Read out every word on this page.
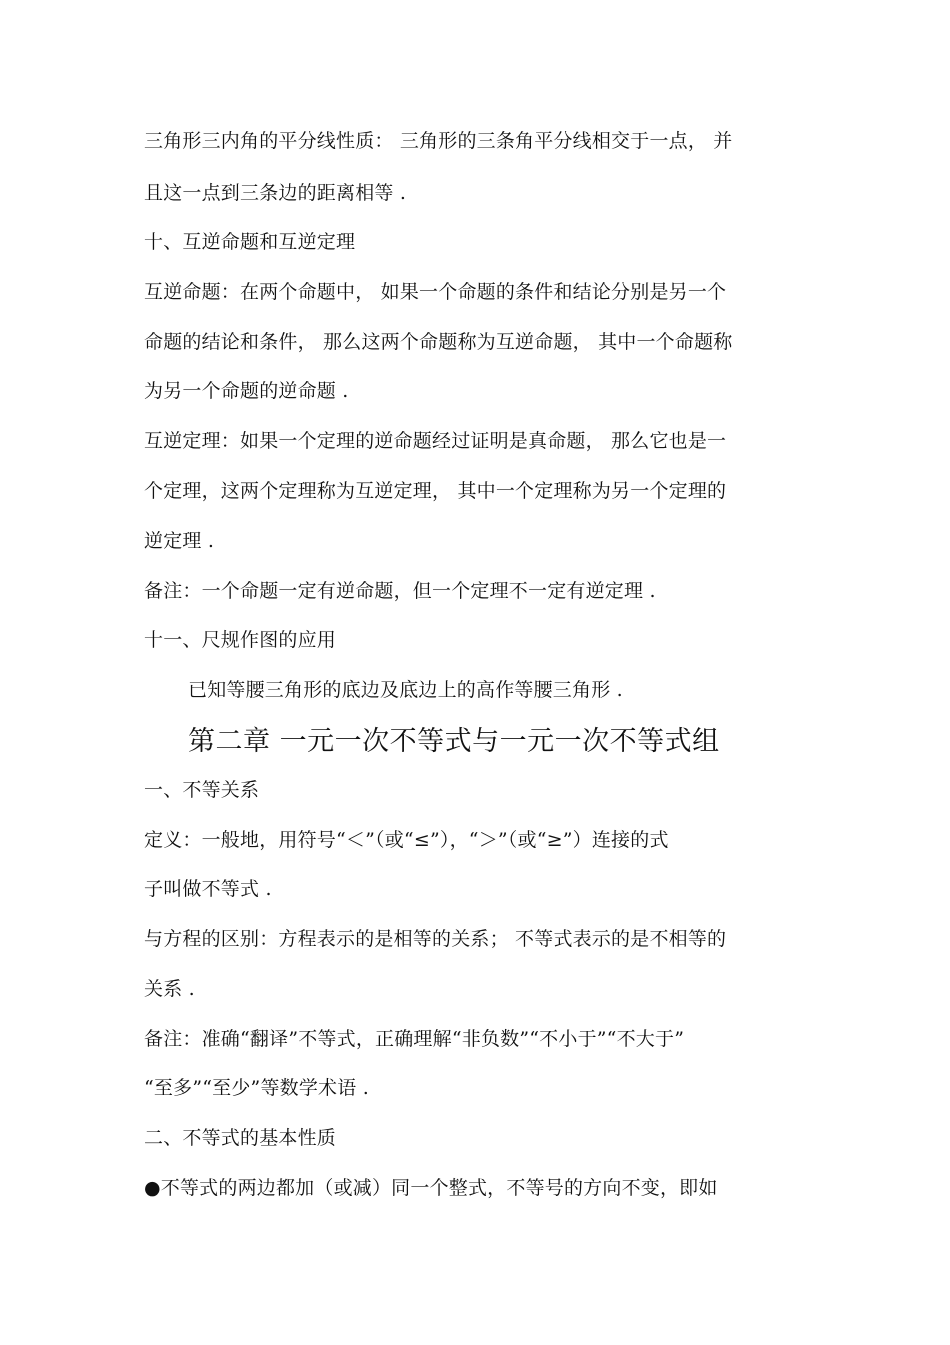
三角形三内角的平分线性质： 三角形的三条角平分线相交于一点， 并
且这一点到三条边的距离相等 .
十、互逆命题和互逆定理
互逆命题：在两个命题中， 如果一个命题的条件和结论分别是另一个
命题的结论和条件， 那么这两个命题称为互逆命题， 其中一个命题称
为另一个命题的逆命题 .
互逆定理：如果一个定理的逆命题经过证明是真命题， 那么它也是一
个定理，这两个定理称为互逆定理， 其中一个定理称为另一个定理的
逆定理 .
备注：一个命题一定有逆命题，但一个定理不一定有逆定理 .
十一、尺规作图的应用
已知等腰三角形的底边及底边上的高作等腰三角形 .
第二章 一元一次不等式与一元一次不等式组
一、不等关系
定义：一般地，用符号“＜”（或“≤”），“＞”（或“≥”）连接的式
子叫做不等式 .
与方程的区别：方程表示的是相等的关系； 不等式表示的是不相等的
关系 .
备注：准确“翻译”不等式，正确理解“非负数”“不小于”“不大于”
“至多”“至少”等数学术语 .
二、不等式的基本性质
●不等式的两边都加（或减）同一个整式，不等号的方向不变，即如
